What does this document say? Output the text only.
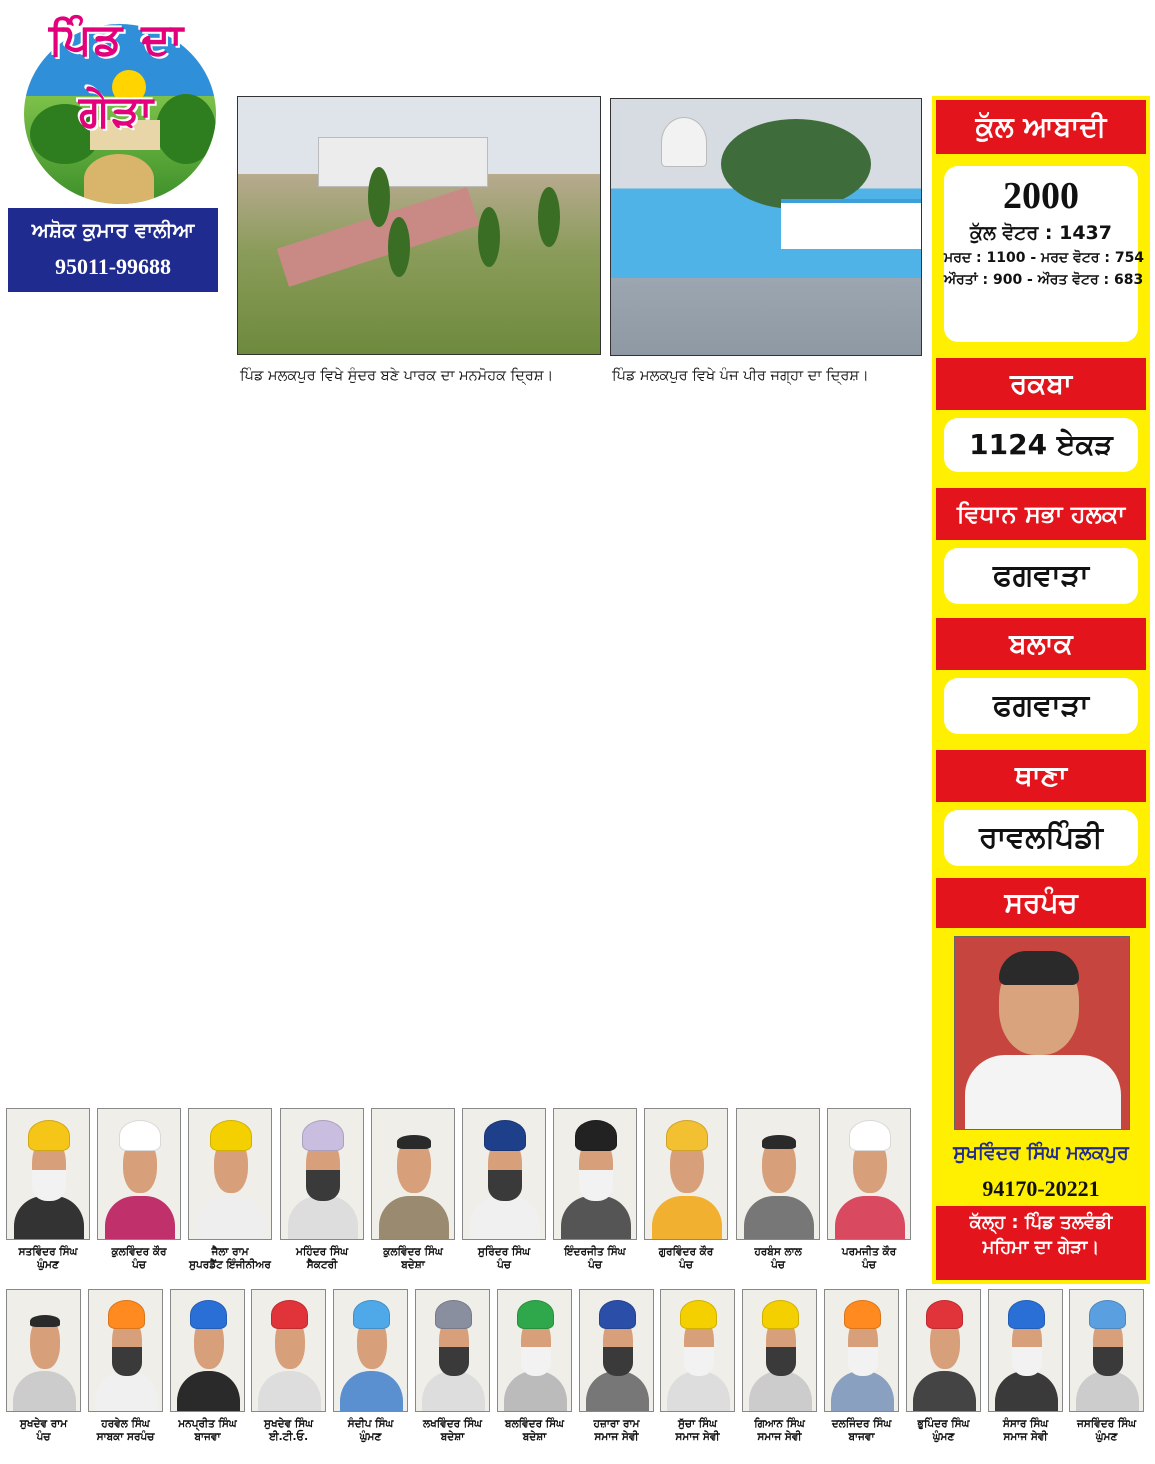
ਪਿੰਡ ਦਾ ਗੇੜਾ
ਅਸ਼ੋਕ ਕੁਮਾਰ ਵਾਲੀਆ
95011-99688
ਪਿੰਡ ਮਲਕਪੁਰ ਵਿਖੇ ਸੁੰਦਰ ਬਣੇ ਪਾਰਕ ਦਾ ਮਨਮੋਹਕ ਦ੍ਰਿਸ਼।	ਪਿੰਡ ਮਲਕਪੁਰ ਵਿਖੇ ਪੰਜ ਪੀਰ ਜਗ੍ਹਾ ਦਾ ਦ੍ਰਿਸ਼।
ਕੁੱਲ ਆਬਾਦੀ
2000
ਕੁੱਲ ਵੋਟਰ : 1437
ਮਰਦ : 1100 - ਮਰਦ ਵੋਟਰ : 754
ਔਰਤਾਂ : 900 - ਔਰਤ ਵੋਟਰ : 683
ਰਕਬਾ
1124 ਏਕੜ
ਵਿਧਾਨ ਸਭਾ ਹਲਕਾ
ਫਗਵਾੜਾ
ਬਲਾਕ
ਫਗਵਾੜਾ
ਥਾਣਾ
ਰਾਵਲਪਿੰਡੀ
ਸਰਪੰਚ
ਸੁਖਵਿੰਦਰ ਸਿੰਘ ਮਲਕਪੁਰ
94170-20221
ਕੱਲ੍ਹ : ਪਿੰਡ ਤਲਵੰਡੀ
ਮਹਿਮਾ ਦਾ ਗੇੜਾ।
ਸਤਵਿੰਦਰ ਸਿੰਘ
ਘੁੰਮਣ
ਕੁਲਵਿੰਦਰ ਕੌਰ
ਪੰਚ
ਜੈਲਾ ਰਾਮ
ਸੁਪਰਡੈਂਟ ਇੰਜੀਨੀਅਰ
ਮਹਿੰਦਰ ਸਿੰਘ
ਸੈਕਟਰੀ
ਕੁਲਵਿੰਦਰ ਸਿੰਘ
ਬਦੇਸ਼ਾ
ਸੁਰਿੰਦਰ ਸਿੰਘ
ਪੰਚ
ਇੰਦਰਜੀਤ ਸਿੰਘ
ਪੰਚ
ਗੁਰਵਿੰਦਰ ਕੌਰ
ਪੰਚ
ਹਰਬੰਸ ਲਾਲ
ਪੰਚ
ਪਰਮਜੀਤ ਕੌਰ
ਪੰਚ
ਸੁਖਦੇਵ ਰਾਮ
ਪੰਚ
ਹਰਵੇਲ ਸਿੰਘ
ਸਾਬਕਾ ਸਰਪੰਚ
ਮਨਪ੍ਰੀਤ ਸਿੰਘ
ਬਾਜਵਾ
ਸੁਖਦੇਵ ਸਿੰਘ
ਈ.ਟੀ.ਓ.
ਸੰਦੀਪ ਸਿੰਘ
ਘੁੰਮਣ
ਲਖਵਿੰਦਰ ਸਿੰਘ
ਬਦੇਸ਼ਾ
ਬਲਵਿੰਦਰ ਸਿੰਘ
ਬਦੇਸ਼ਾ
ਹਜ਼ਾਰਾ ਰਾਮ
ਸਮਾਜ ਸੇਵੀ
ਸੁੱਚਾ ਸਿੰਘ
ਸਮਾਜ ਸੇਵੀ
ਗਿਆਨ ਸਿੰਘ
ਸਮਾਜ ਸੇਵੀ
ਦਲਜਿੰਦਰ ਸਿੰਘ
ਬਾਜਵਾ
ਭੁਪਿੰਦਰ ਸਿੰਘ
ਘੁੰਮਣ
ਸੰਸਾਰ ਸਿੰਘ
ਸਮਾਜ ਸੇਵੀ
ਜਸਵਿੰਦਰ ਸਿੰਘ
ਘੁੰਮਣ
